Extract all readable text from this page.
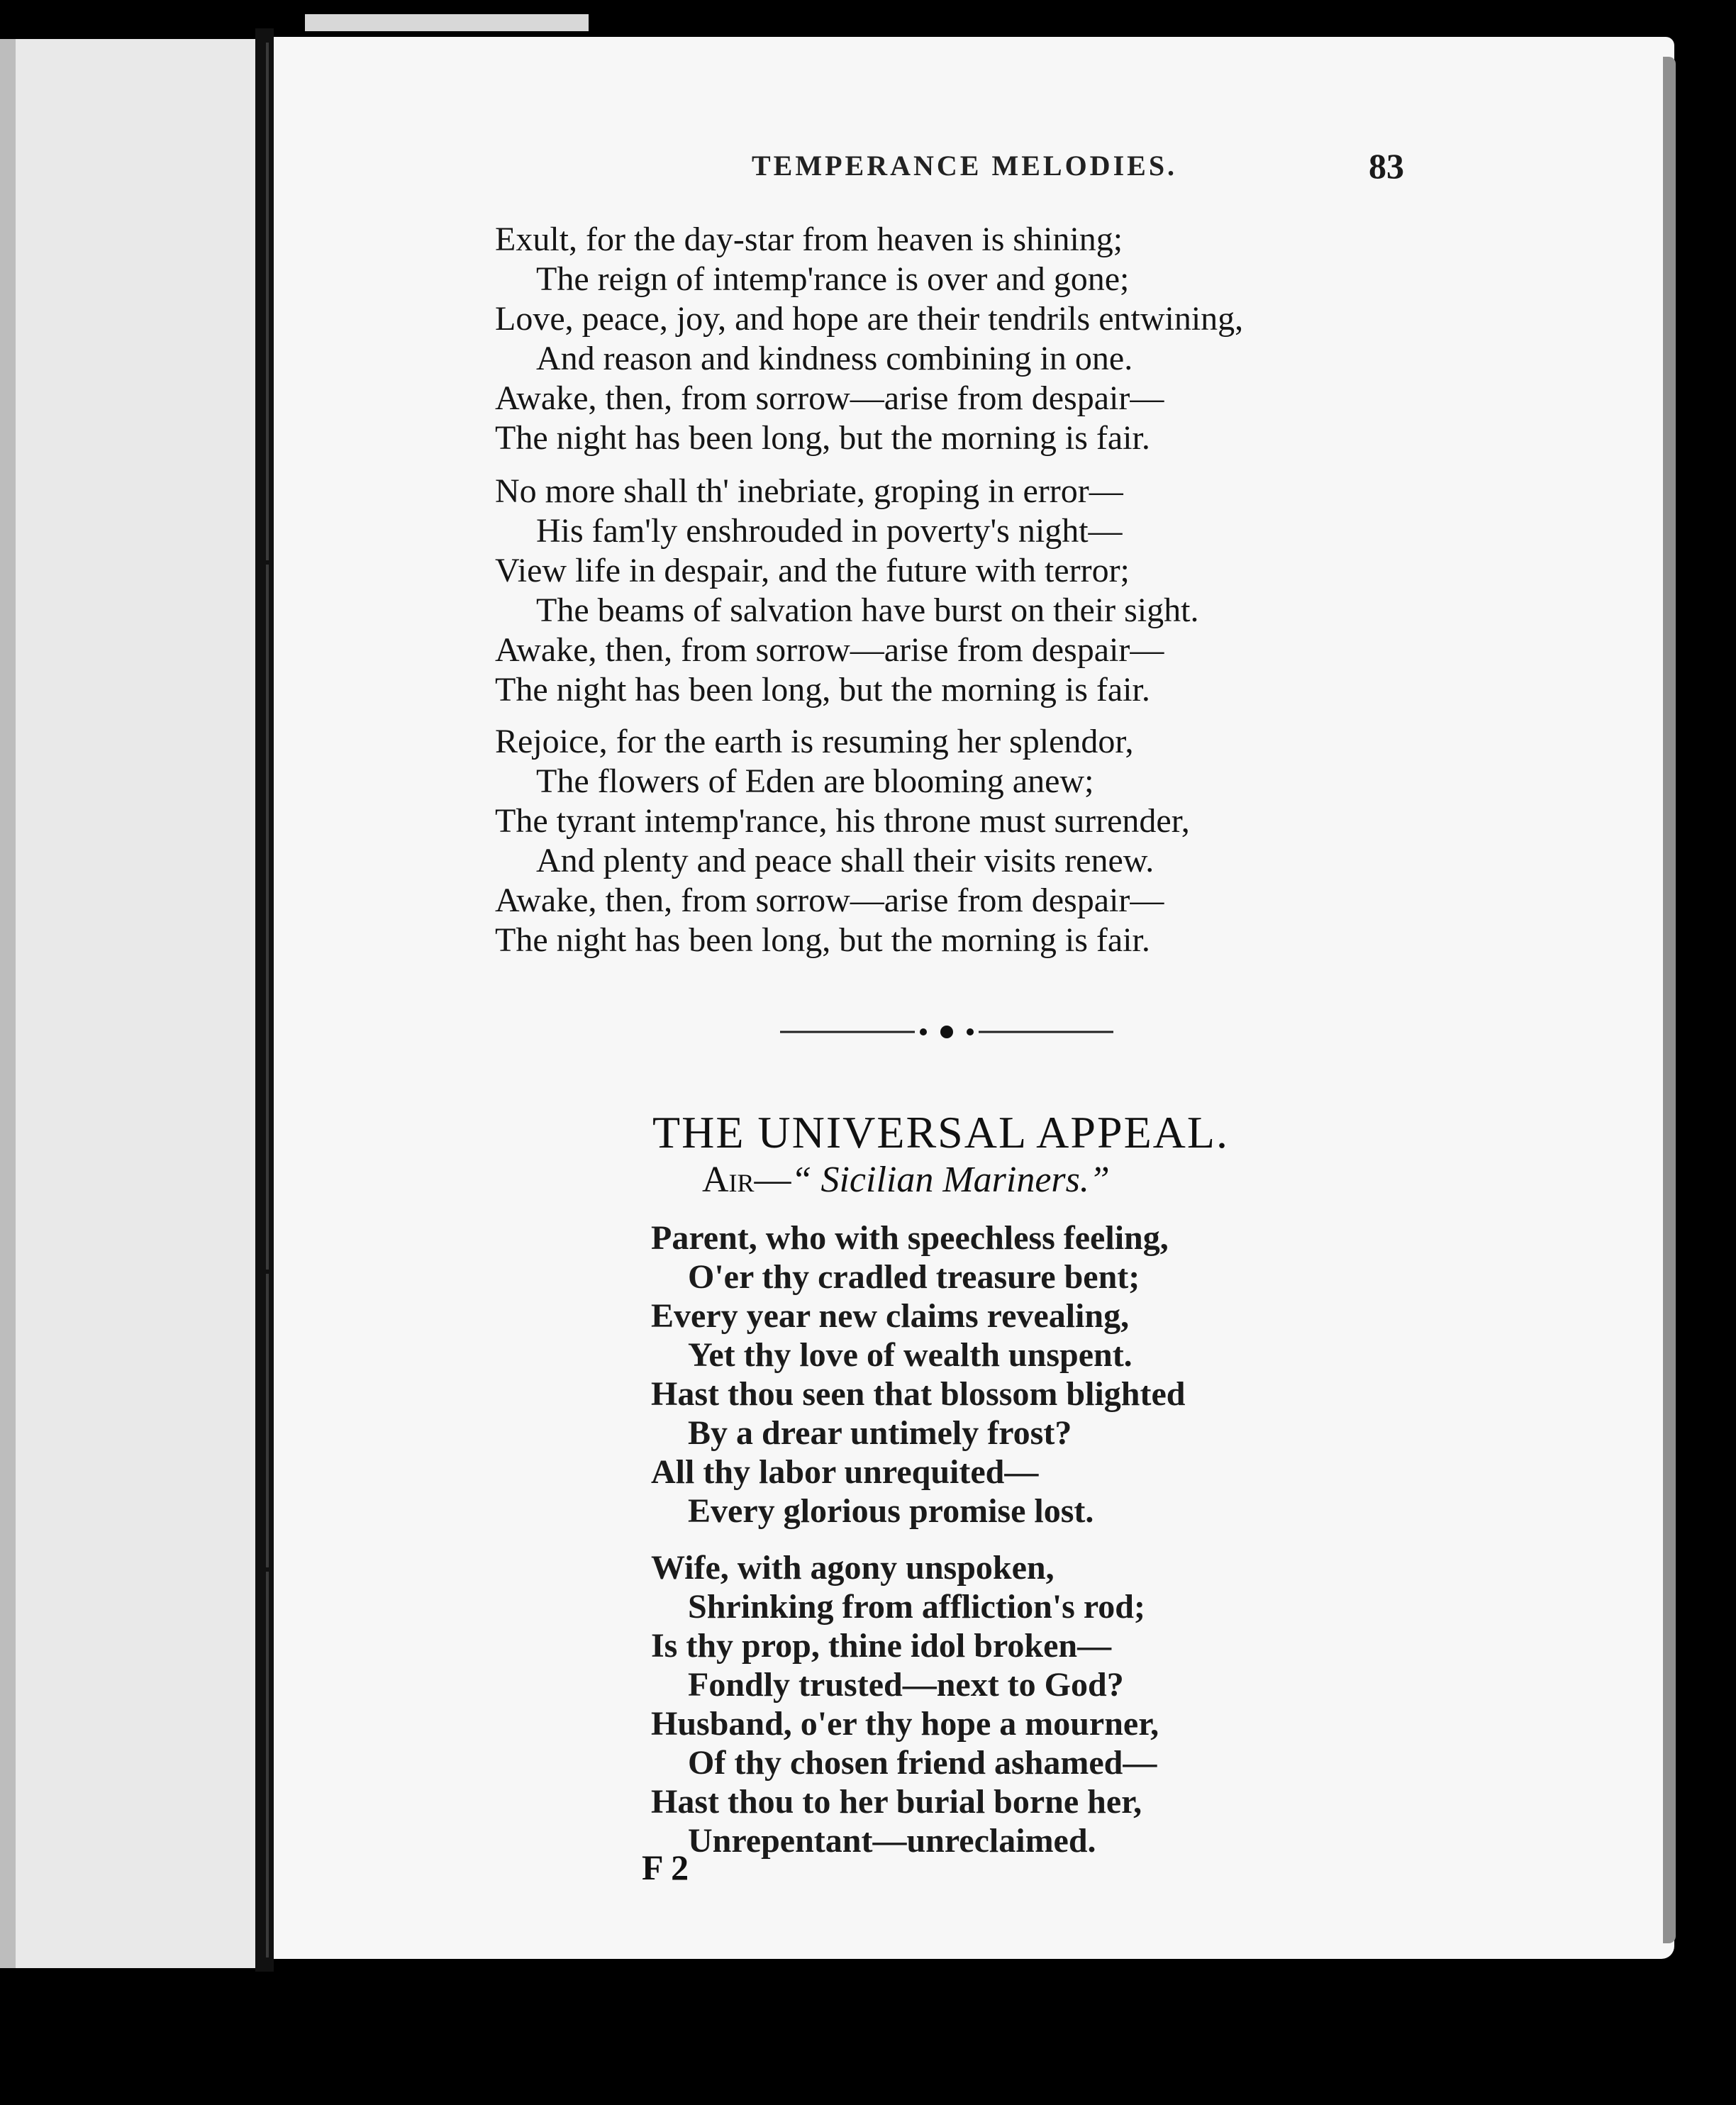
TEMPERANCE MELODIES.	83
Exult, for the day-star from heaven is shining;
The reign of intemp'rance is over and gone;
Love, peace, joy, and hope are their tendrils entwining,
And reason and kindness combining in one.
Awake, then, from sorrow—arise from despair—
The night has been long, but the morning is fair.
No more shall th' inebriate, groping in error—
His fam'ly enshrouded in poverty's night—
View life in despair, and the future with terror;
The beams of salvation have burst on their sight.
Awake, then, from sorrow—arise from despair—
The night has been long, but the morning is fair.
Rejoice, for the earth is resuming her splendor,
The flowers of Eden are blooming anew;
The tyrant intemp'rance, his throne must surrender,
And plenty and peace shall their visits renew.
Awake, then, from sorrow—arise from despair—
The night has been long, but the morning is fair.
THE UNIVERSAL APPEAL.
Air—“ Sicilian Mariners.”
Parent, who with speechless feeling,
O'er thy cradled treasure bent;
Every year new claims revealing,
Yet thy love of wealth unspent.
Hast thou seen that blossom blighted
By a drear untimely frost?
All thy labor unrequited—
Every glorious promise lost.
Wife, with agony unspoken,
Shrinking from affliction's rod;
Is thy prop, thine idol broken—
Fondly trusted—next to God?
Husband, o'er thy hope a mourner,
Of thy chosen friend ashamed—
Hast thou to her burial borne her,
Unrepentant—unreclaimed.
F 2
